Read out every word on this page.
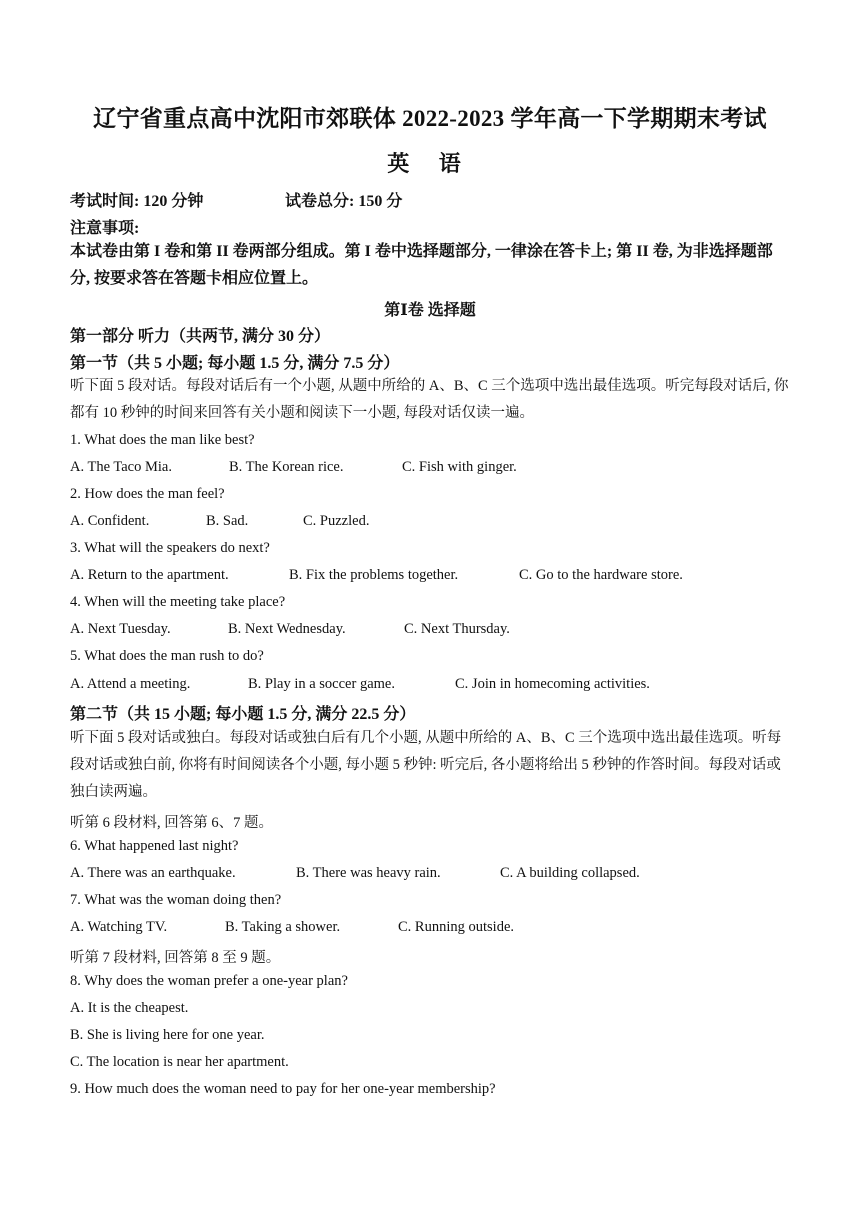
辽宁省重点高中沈阳市郊联体 2022-2023 学年高一下学期期末考试
英 语
考试时间: 120 分钟	试卷总分: 150 分
注意事项:
本试卷由第 I 卷和第 II 卷两部分组成。第 I 卷中选择题部分, 一律涂在答卡上; 第 II 卷, 为非选择题部分, 按要求答在答题卡相应位置上。
第Ⅰ卷 选择题
第一部分 听力（共两节, 满分 30 分）
第一节（共 5 小题; 每小题 1.5 分, 满分 7.5 分）
听下面 5 段对话。每段对话后有一个小题, 从题中所给的 A、B、C 三个选项中选出最佳选项。听完每段对话后, 你都有 10 秒钟的时间来回答有关小题和阅读下一小题, 每段对话仅读一遍。
1. What does the man like best?
A. The Taco Mia.	B. The Korean rice.	C. Fish with ginger.
2. How does the man feel?
A. Confident.	B. Sad.	C. Puzzled.
3. What will the speakers do next?
A. Return to the apartment.	B. Fix the problems together.	C. Go to the hardware store.
4. When will the meeting take place?
A. Next Tuesday.	B. Next Wednesday.	C. Next Thursday.
5. What does the man rush to do?
A. Attend a meeting.	B. Play in a soccer game.	C. Join in homecoming activities.
第二节（共 15 小题; 每小题 1.5 分, 满分 22.5 分）
听下面 5 段对话或独白。每段对话或独白后有几个小题, 从题中所给的 A、B、C 三个选项中选出最佳选项。听每段对话或独白前, 你将有时间阅读各个小题, 每小题 5 秒钟: 听完后, 各小题将给出 5 秒钟的作答时间。每段对话或独白读两遍。
听第 6 段材料, 回答第 6、7 题。
6. What happened last night?
A. There was an earthquake.	B. There was heavy rain.	C. A building collapsed.
7. What was the woman doing then?
A. Watching TV.	B. Taking a shower.	C. Running outside.
听第 7 段材料, 回答第 8 至 9 题。
8. Why does the woman prefer a one-year plan?
A. It is the cheapest.
B. She is living here for one year.
C. The location is near her apartment.
9. How much does the woman need to pay for her one-year membership?
